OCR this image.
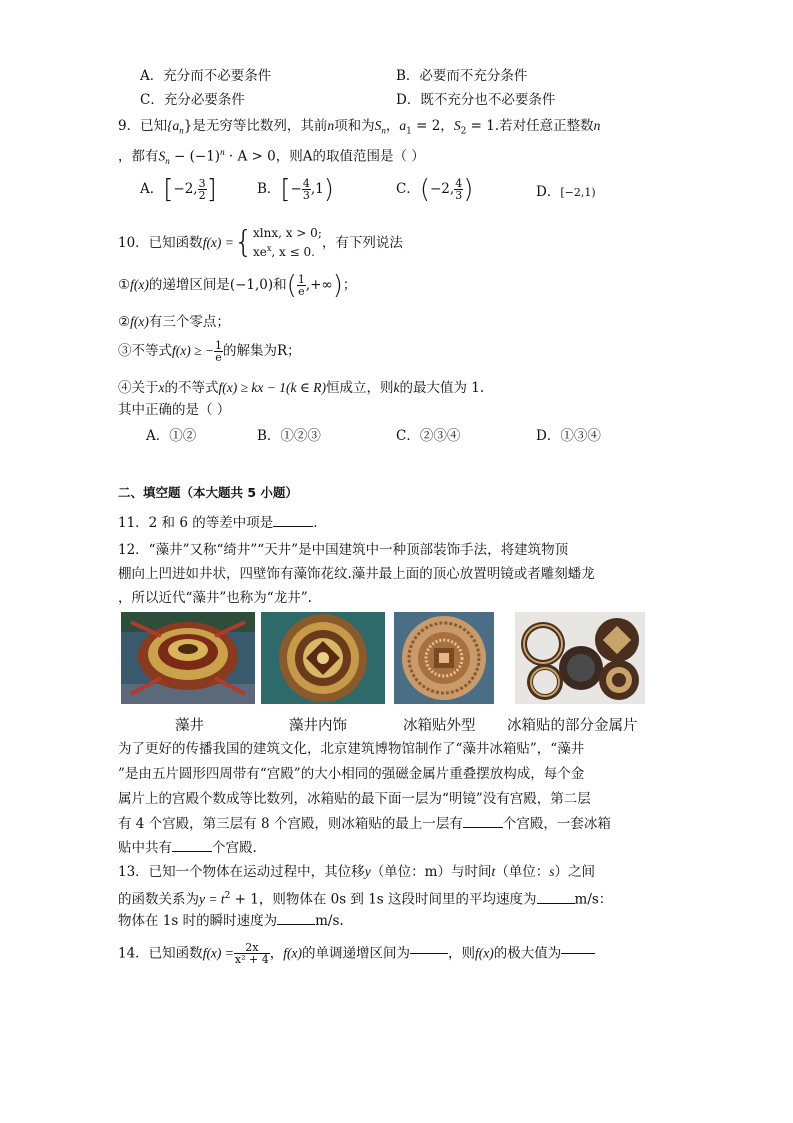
A．充分而不必要条件	B．必要而不充分条件
C．充分必要条件	D．既不充分也不必要条件
9．已知$\{a_n\}$是无穷等比数列，其前n项和为$S_n$，$a_1 = 2$，$S_2 = 1$.若对任意正整数n
，都有$S_n - (-1)^n \cdot A > 0$，则A的取值范围是（ ）
A．[−2, $\frac{3}{2}$ ]	B．[− $\frac{4}{3} ,1$)	C．(−2, $\frac{4}{3}$ )	D．[−2,1)
10．已知函数f(x) ={ xlnx, x > 0;
$xe^x$, x ≤ 0.
，有下列说法
①f(x)的递增区间是(−1,0)和( $\frac{1}{e}$ ,+∞)；
②f(x)有三个零点；
③不等式f(x) ≥ − $\frac{1}{e}$ 的解集为R；
④关于x的不等式f(x) ≥ kx − 1(k ∈ R)恒成立，则k的最大值为 1.
其中正确的是（ ）
A．①②	B．①②③	C．②③④	D．①③④
二、填空题（本大题共 5 小题）
11．2 和 6 的等差中项是	.
12．“藻井”又称“绮井”“天井”是中国建筑中一种顶部装饰手法，将建筑物顶
棚向上凹进如井状，四壁饰有藻饰花纹.藻井最上面的顶心放置明镜或者雕刻蟠龙
，所以近代“藻井”也称为“龙井”.
藻井	藻井内饰	冰箱贴外型 冰箱贴的部分金属片
为了更好的传播我国的建筑文化，北京建筑博物馆制作了“藻井冰箱贴”，“藻井
”是由五片圆形四周带有“宫殿”的大小相同的强磁金属片重叠摆放构成，每个金
属片上的宫殿个数成等比数列，冰箱贴的最下面一层为“明镜”没有宫殿，第二层
有 4 个宫殿，第三层有 8 个宫殿，则冰箱贴的最上一层有	个宫殿，一套冰箱
贴中共有	个宫殿.
13．已知一个物体在运动过程中，其位移y（单位：m）与时间t（单位：s）之间
的函数关系为$y = t^2 + 1$，则物体在 0s 到 1s 这段时间里的平均速度为	m/s：
物体在 1s 时的瞬时速度为	m/s.
14．已知函数$f(x) = \frac{2x}{\text{x² + 4}}$ ，f(x)的单调递增区间为	，则f(x)的极大值为
